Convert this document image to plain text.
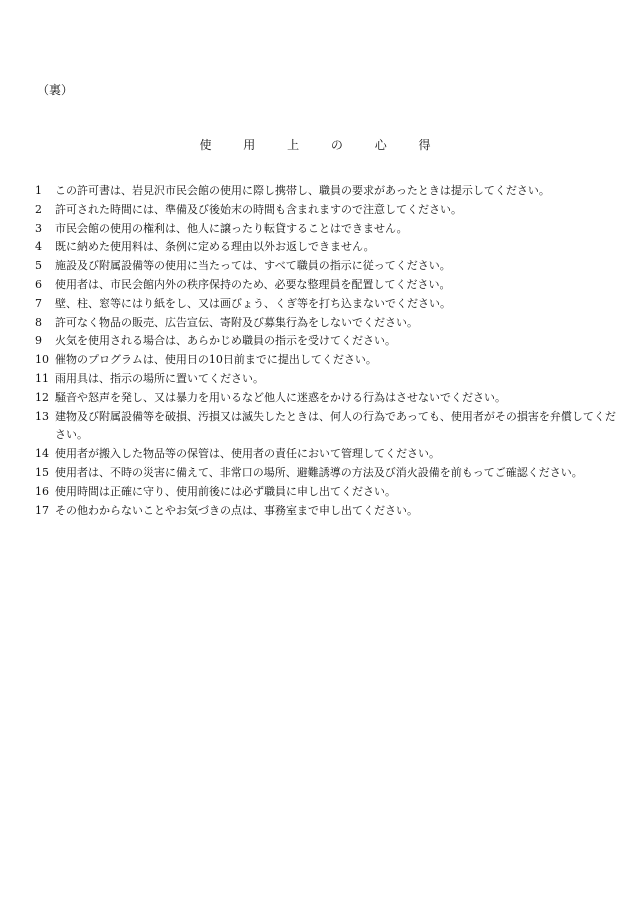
（裏）
使 用 上 の 心 得
1	この許可書は、岩見沢市民会館の使用に際し携帯し、職員の要求があったときは提示してください。
2	許可された時間には、準備及び後始末の時間も含まれますので注意してください。
3	市民会館の使用の権利は、他人に譲ったり転貸することはできません。
4	既に納めた使用料は、条例に定める理由以外お返しできません。
5	施設及び附属設備等の使用に当たっては、すべて職員の指示に従ってください。
6	使用者は、市民会館内外の秩序保持のため、必要な整理員を配置してください。
7	壁、柱、窓等にはり紙をし、又は画びょう、くぎ等を打ち込まないでください。
8	許可なく物品の販売、広告宣伝、寄附及び募集行為をしないでください。
9	火気を使用される場合は、あらかじめ職員の指示を受けてください。
10 催物のプログラムは、使用日の10日前までに提出してください。
11 雨用具は、指示の場所に置いてください。
12 騒音や怒声を発し、又は暴力を用いるなど他人に迷惑をかける行為はさせないでください。
13 建物及び附属設備等を破損、汚損又は滅失したときは、何人の行為であっても、使用者がその損害を弁償してください。
14 使用者が搬入した物品等の保管は、使用者の責任において管理してください。
15 使用者は、不時の災害に備えて、非常口の場所、避難誘導の方法及び消火設備を前もってご確認ください。
16 使用時間は正確に守り、使用前後には必ず職員に申し出てください。
17 その他わからないことやお気づきの点は、事務室まで申し出てください。
